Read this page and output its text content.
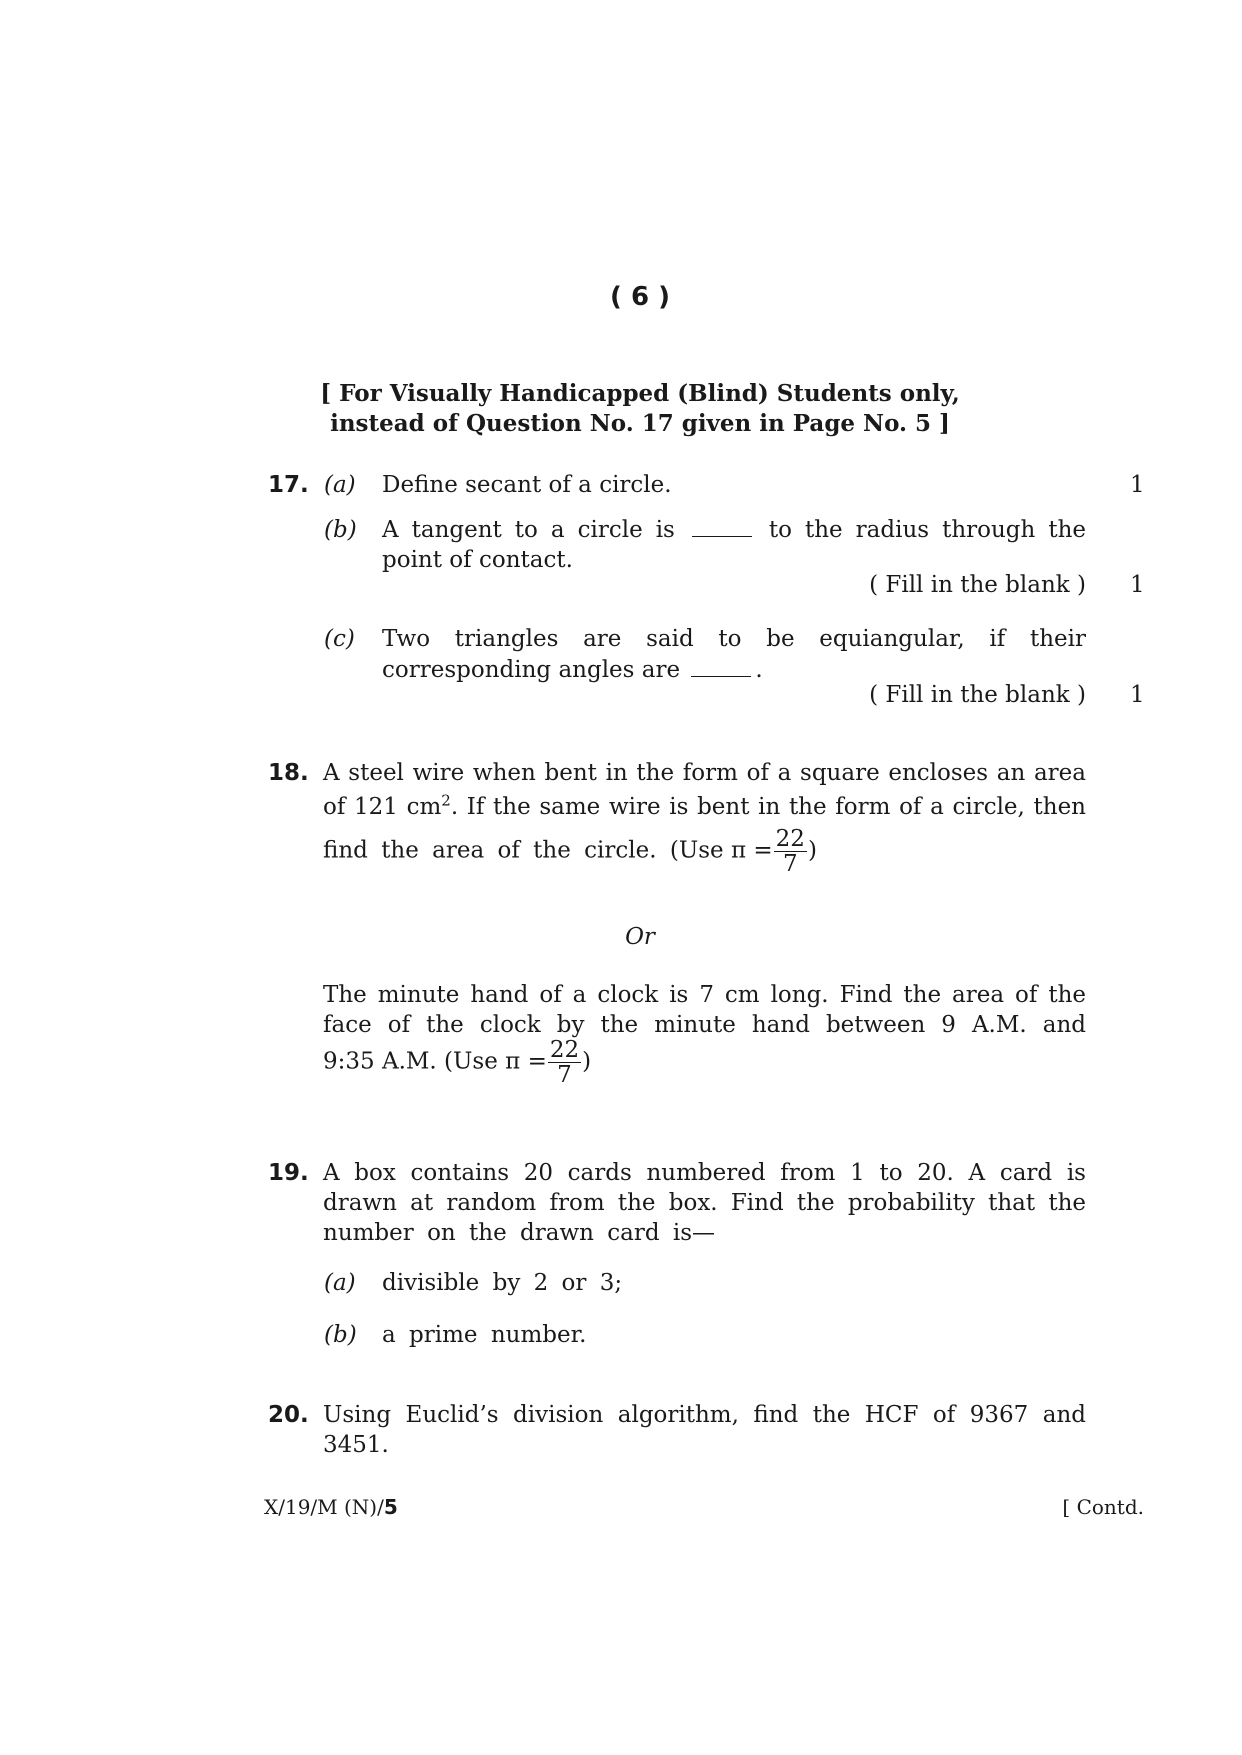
( 6 )
[ For Visually Handicapped (Blind) Students only,
instead of Question No. 17 given in Page No. 5 ]
17. (a) Define secant of a circle.	1
(b) A tangent to a circle is	to the radius through the
point of contact.
( Fill in the blank ) 1
(c) Two triangles are said to be equiangular, if their
corresponding angles are	.
( Fill in the blank ) 1
18. A steel wire when bent in the form of a square encloses an area
of 121 $cm^2$. If the same wire is bent in the form of a circle, then
find the area of the circle. (Use $\pi = \frac{22}{7}$ )
Or
The minute hand of a clock is 7 cm long. Find the area of the
face of the clock by the minute hand between 9 A.M. and
9:35 A.M. (Use $\pi = \frac{22}{7}$ )
19. A box contains 20 cards numbered from 1 to 20. A card is
drawn at random from the box. Find the probability that the
number on the drawn card is—
(a) divisible by 2 or 3;
(b) a prime number.
20. Using Euclid’s division algorithm, find the HCF of 9367 and
3451.
X/19/M (N)/5	[ Contd.
